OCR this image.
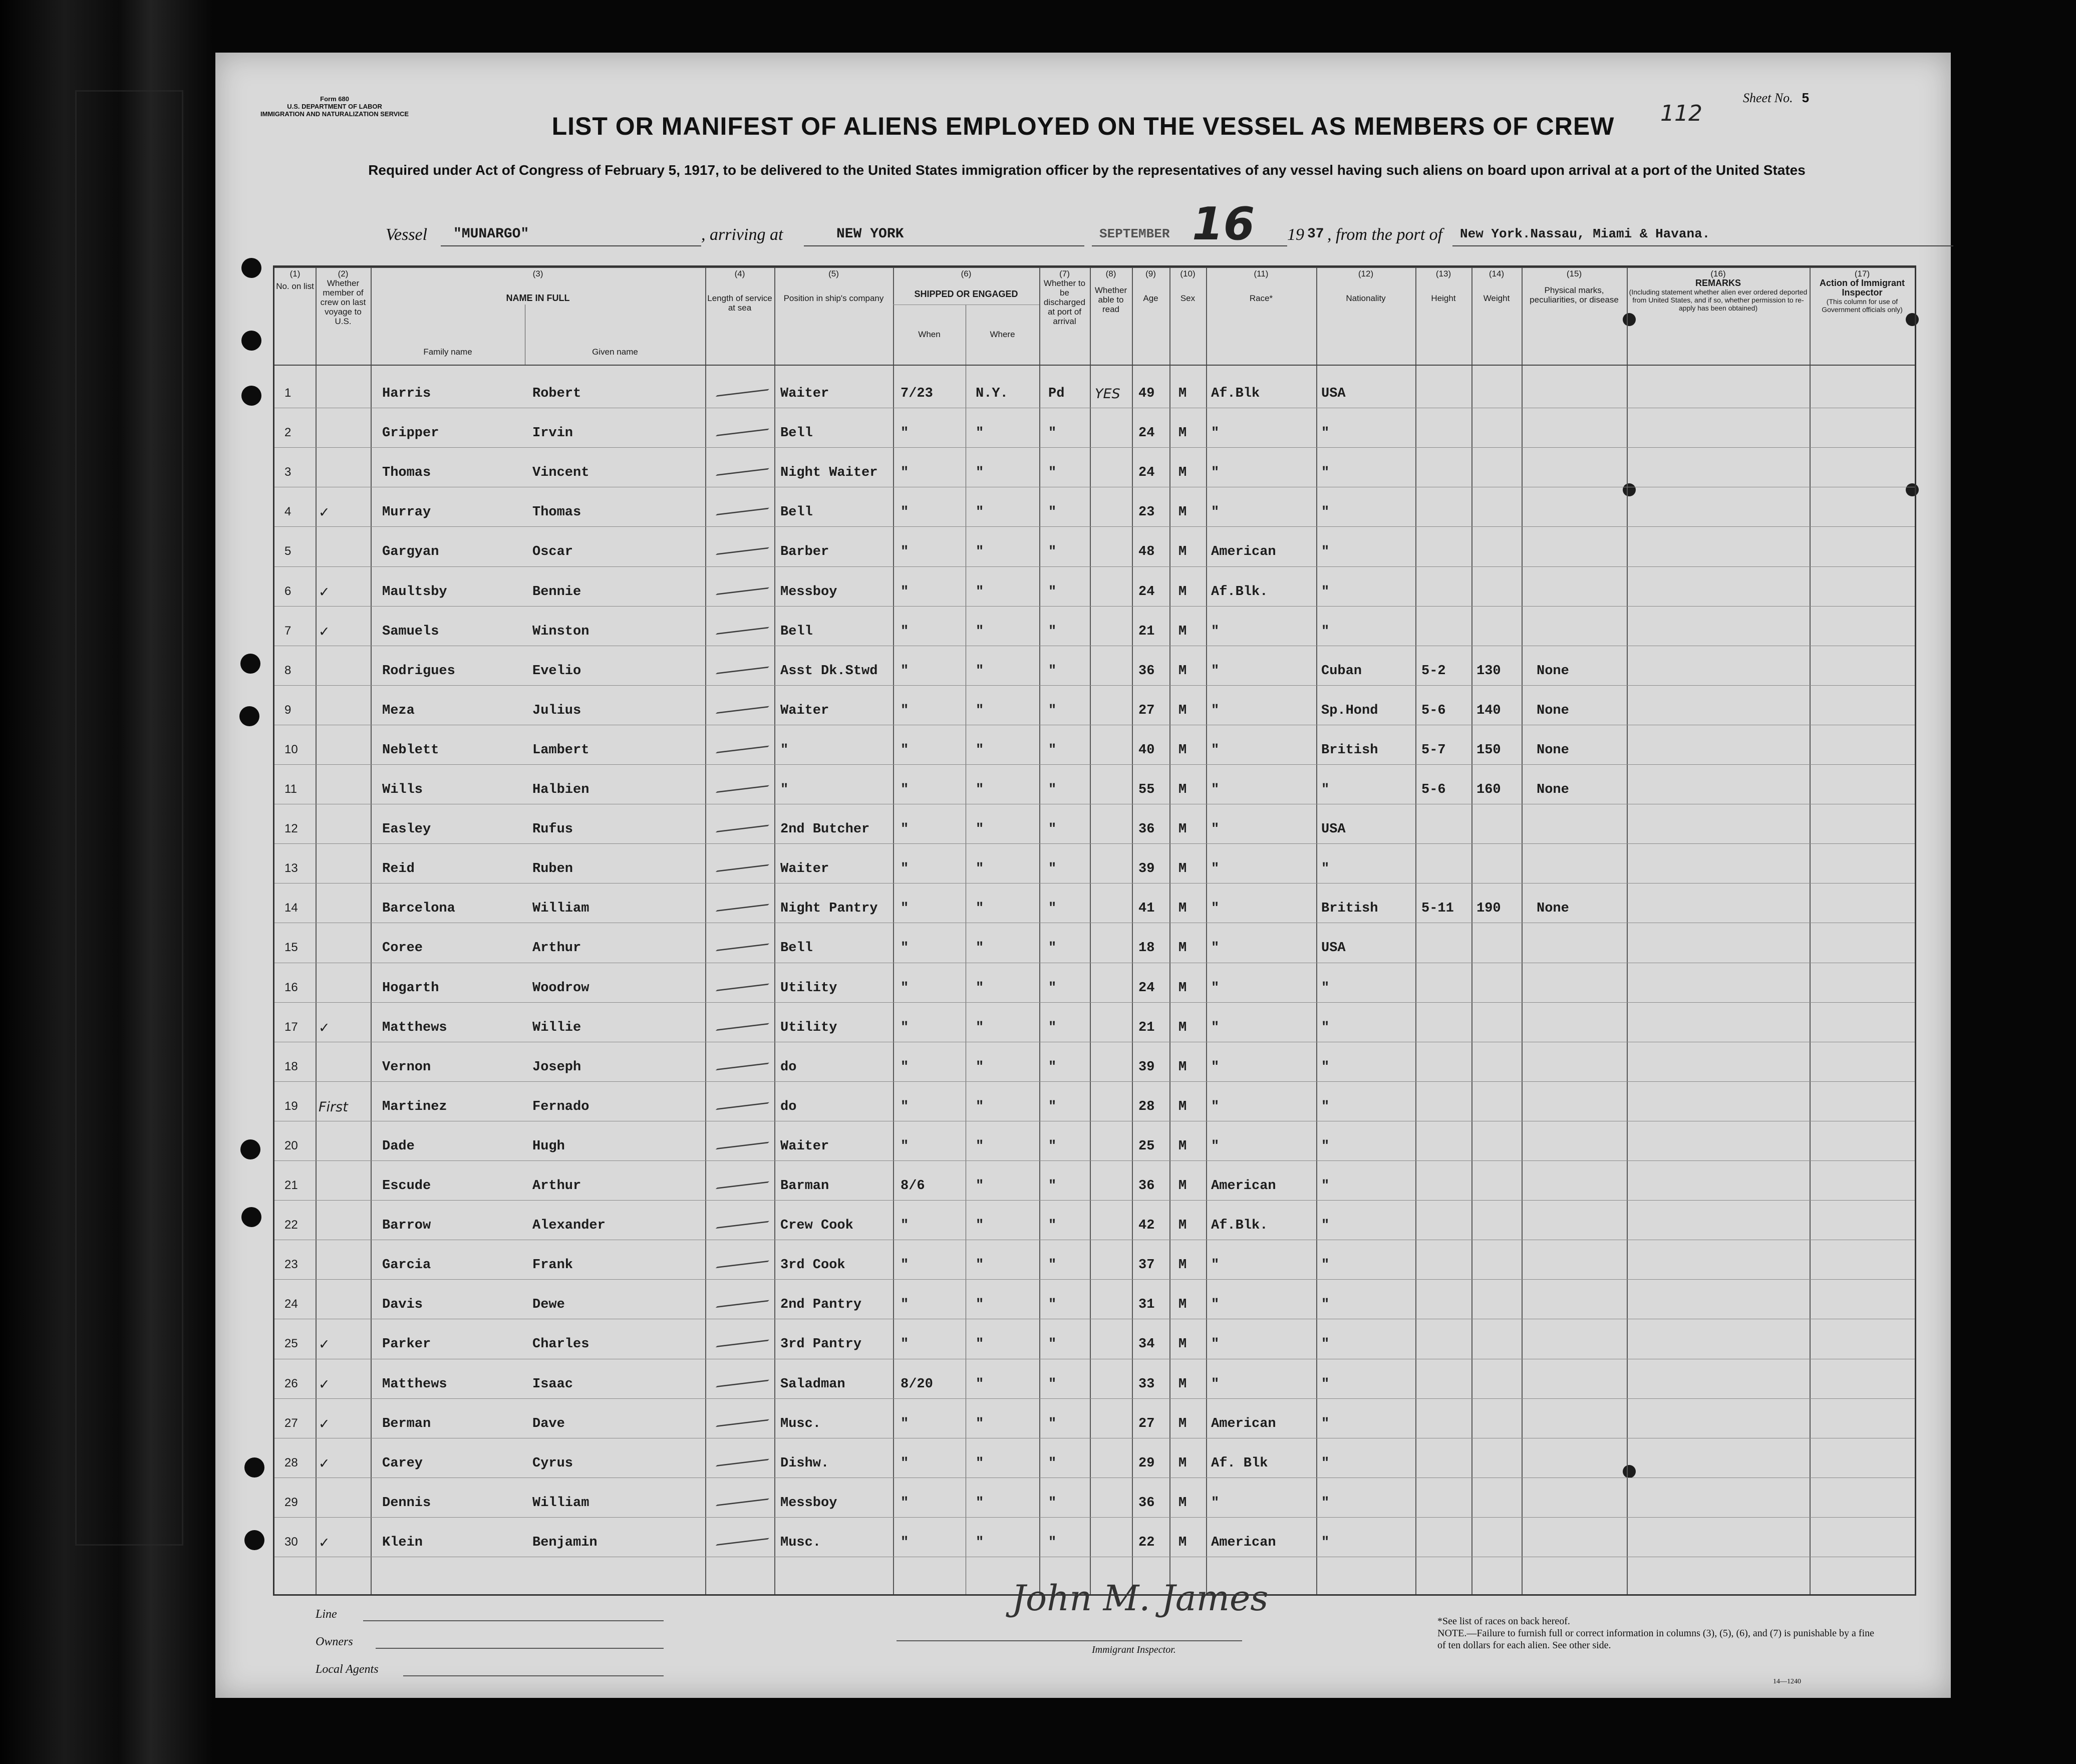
Form 680
U.S. DEPARTMENT OF LABOR
IMMIGRATION AND NATURALIZATION SERVICE	LIST OR MANIFEST OF ALIENS EMPLOYED ON THE VESSEL AS MEMBERS OF CREW	112
Sheet No. 5
Required under Act of Congress of February 5, 1917, to be delivered to the United States immigration officer by the representatives of any vessel having such aliens on board upon arrival at a port of the United States
Vessel "MUNARGO"	, arriving at	NEW YORK	SEPTEMBER 16 19 37 , from the port of New York.Nassau, Miami & Havana.
(1)
No. on list
(2)
Whether member of crew on last voyage to U.S.
(3)
NAME IN FULL
Family name	Given name
(4)
Length of service at sea
(5)
Position in ship's company
(6)
SHIPPED OR ENGAGED
When	Where
(7)
Whether to be discharged at port of arrival
(8)
Whether able to read
(9)
Age
(10)
Sex
(11)
Race*
(12)
Nationality
(13)
Height
(14)
Weight
(15)
Physical marks, peculiarities, or disease
(16)
REMARKS
(Including statement whether alien ever ordered deported from United States, and if so, whether permission to re-apply has been obtained)
(17)
Action of Immigrant Inspector
(This column for use of Government officials only)
1	Harris	Robert	Waiter	7/23	N.Y.	Pd YES 49 M Af.Blk	USA
2	Gripper	Irvin	Bell	"	"	"	24 M "	"
3	Thomas	Vincent	Night Waiter "	"	"	24 M "	"
4 ✓	Murray	Thomas	Bell	"	"	"	23 M "	"
5	Gargyan	Oscar	Barber	"	"	"	48 M American	"
6 ✓	Maultsby	Bennie	Messboy	"	"	"	24 M Af.Blk.	"
7 ✓	Samuels	Winston	Bell	"	"	"	21 M "	"
8	Rodrigues	Evelio	Asst Dk.Stwd "	"	"	36 M "	Cuban	5-2 130	None
9	Meza	Julius	Waiter	"	"	"	27 M "	Sp.Hond	5-6 140	None
10	Neblett	Lambert	"	"	"	"	40 M "	British	5-7 150	None
11	Wills	Halbien	"	"	"	"	55 M "	"	5-6 160	None
12	Easley	Rufus	2nd Butcher "	"	"	36 M "	USA
13	Reid	Ruben	Waiter	"	"	"	39 M "	"
14	Barcelona	William	Night Pantry "	"	"	41 M "	British	5-11 190	None
15	Coree	Arthur	Bell	"	"	"	18 M "	USA
16	Hogarth	Woodrow	Utility	"	"	"	24 M "	"
17 ✓	Matthews	Willie	Utility	"	"	"	21 M "	"
18	Vernon	Joseph	do	"	"	"	39 M "	"
19 First	Martinez	Fernado	do	"	"	"	28 M "	"
20	Dade	Hugh	Waiter	"	"	"	25 M "	"
21	Escude	Arthur	Barman	8/6	"	"	36 M American	"
22	Barrow	Alexander	Crew Cook	"	"	"	42 M Af.Blk.	"
23	Garcia	Frank	3rd Cook	"	"	"	37 M "	"
24	Davis	Dewe	2nd Pantry	"	"	"	31 M "	"
25 ✓	Parker	Charles	3rd Pantry	"	"	"	34 M "	"
26 ✓	Matthews	Isaac	Saladman	8/20	"	"	33 M "	"
27 ✓	Berman	Dave	Musc.	"	"	"	27 M American	"
28 ✓	Carey	Cyrus	Dishw.	"	"	"	29 M Af. Blk	"
29	Dennis	William	Messboy	"	"	"	36 M "	"
30 ✓	Klein	Benjamin	Musc.	"	"	"	22 M American	"
Line
Owners
Local Agents
John M. James
Immigrant Inspector.
*See list of races on back hereof.
NOTE.—Failure to furnish full or correct information in columns (3), (5), (6), and (7) is punishable by a fine of ten dollars for each alien. See other side.
14—1240
